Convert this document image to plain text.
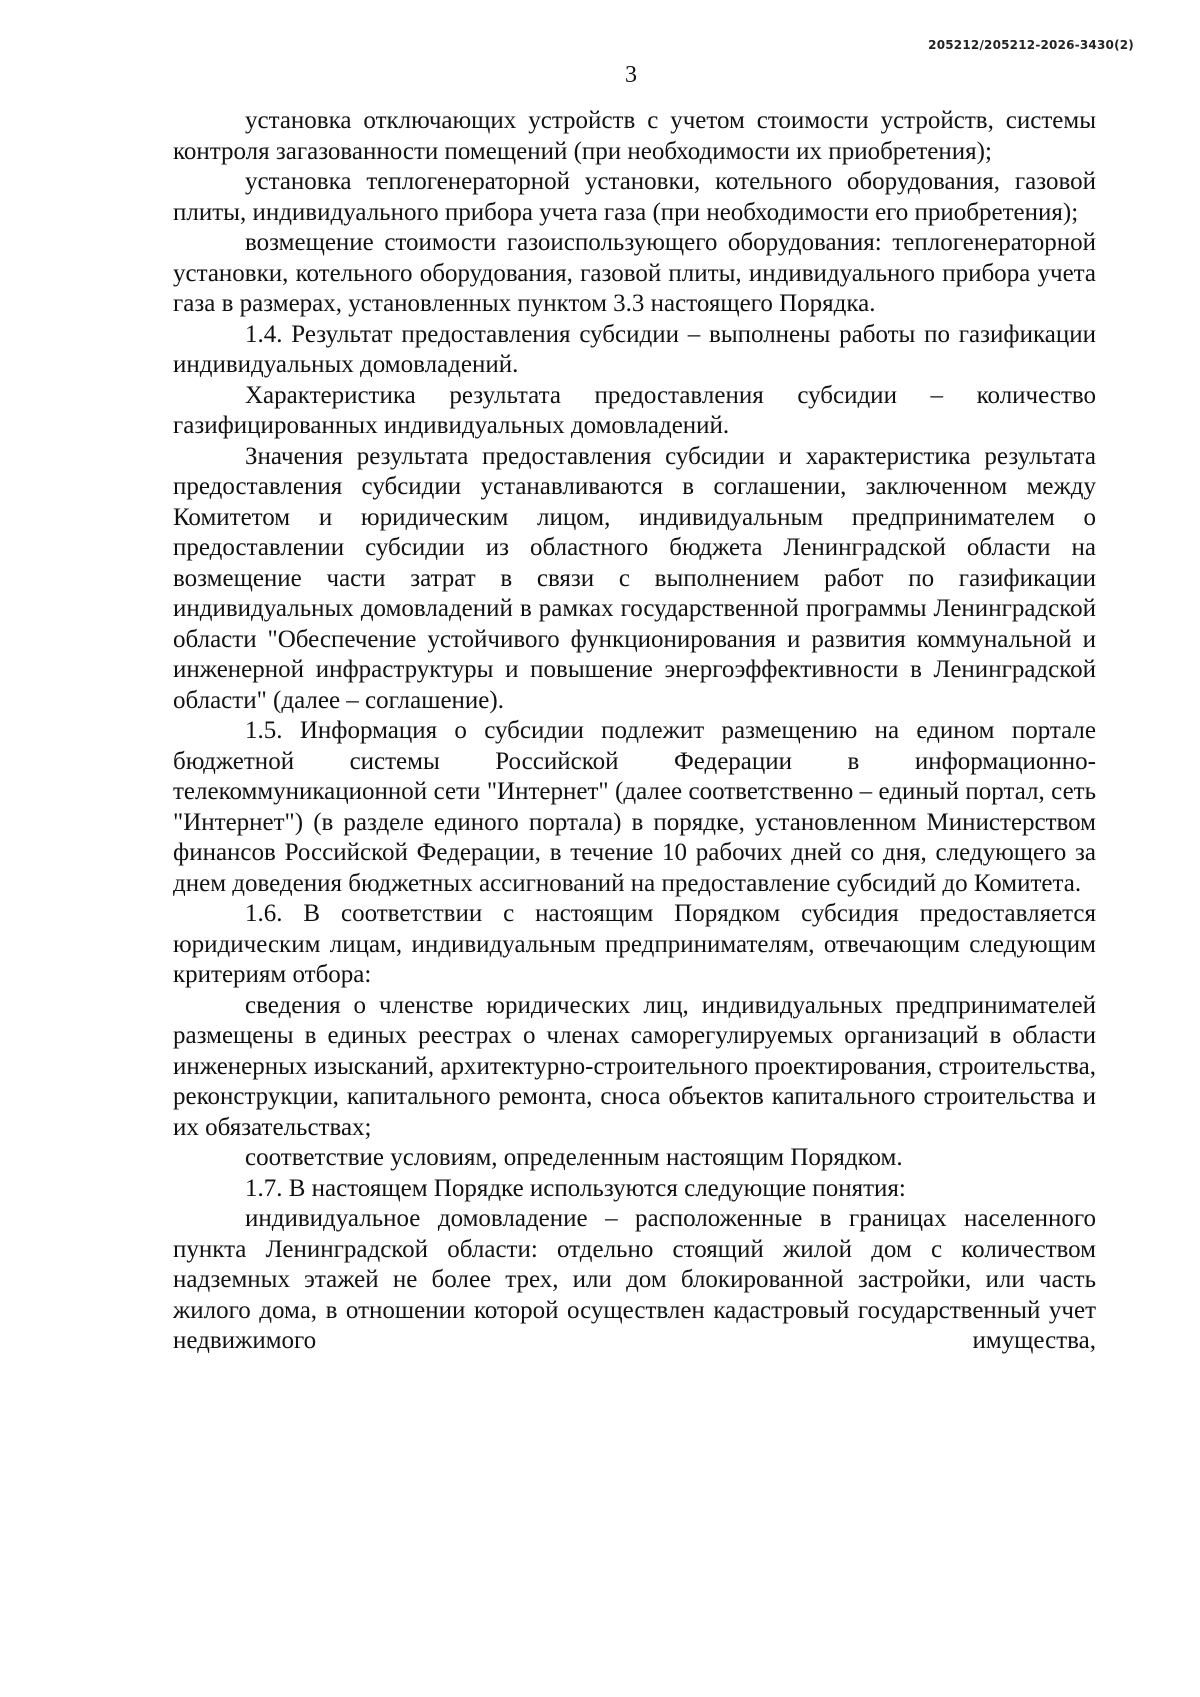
205212/205212-2026-3430(2)
3

установка отключающих устройств с учетом стоимости устройств, системы контроля загазованности помещений (при необходимости их приобретения);

установка теплогенераторной установки, котельного оборудования, газовой плиты, индивидуального прибора учета газа (при необходимости его приобретения);

возмещение стоимости газоиспользующего оборудования: теплогенераторной установки, котельного оборудования, газовой плиты, индивидуального прибора учета газа в размерах, установленных пунктом 3.3 настоящего Порядка.

1.4. Результат предоставления субсидии – выполнены работы по газификации индивидуальных домовладений.

Характеристика результата предоставления субсидии – количество газифицированных индивидуальных домовладений.

Значения результата предоставления субсидии и характеристика результата предоставления субсидии устанавливаются в соглашении, заключенном между Комитетом и юридическим лицом, индивидуальным предпринимателем о предоставлении субсидии из областного бюджета Ленинградской области на возмещение части затрат в связи с выполнением работ по газификации индивидуальных домовладений в рамках государственной программы Ленинградской области "Обеспечение устойчивого функционирования и развития коммунальной и инженерной инфраструктуры и повышение энергоэффективности в Ленинградской области" (далее – соглашение).

1.5. Информация о субсидии подлежит размещению на едином портале бюджетной системы Российской Федерации в информационно-телекоммуникационной сети "Интернет" (далее соответственно – единый портал, сеть "Интернет") (в разделе единого портала) в порядке, установленном Министерством финансов Российской Федерации, в течение 10 рабочих дней со дня, следующего за днем доведения бюджетных ассигнований на предоставление субсидий до Комитета.

1.6. В соответствии с настоящим Порядком субсидия предоставляется юридическим лицам, индивидуальным предпринимателям, отвечающим следующим критериям отбора:

сведения о членстве юридических лиц, индивидуальных предпринимателей размещены в единых реестрах о членах саморегулируемых организаций в области инженерных изысканий, архитектурно-строительного проектирования, строительства, реконструкции, капитального ремонта, сноса объектов капитального строительства и их обязательствах;

соответствие условиям, определенным настоящим Порядком.

1.7. В настоящем Порядке используются следующие понятия:

индивидуальное домовладение – расположенные в границах населенного пункта Ленинградской области: отдельно стоящий жилой дом с количеством надземных этажей не более трех, или дом блокированной застройки, или часть жилого дома, в отношении которой осуществлен кадастровый государственный учет недвижимого имущества,
